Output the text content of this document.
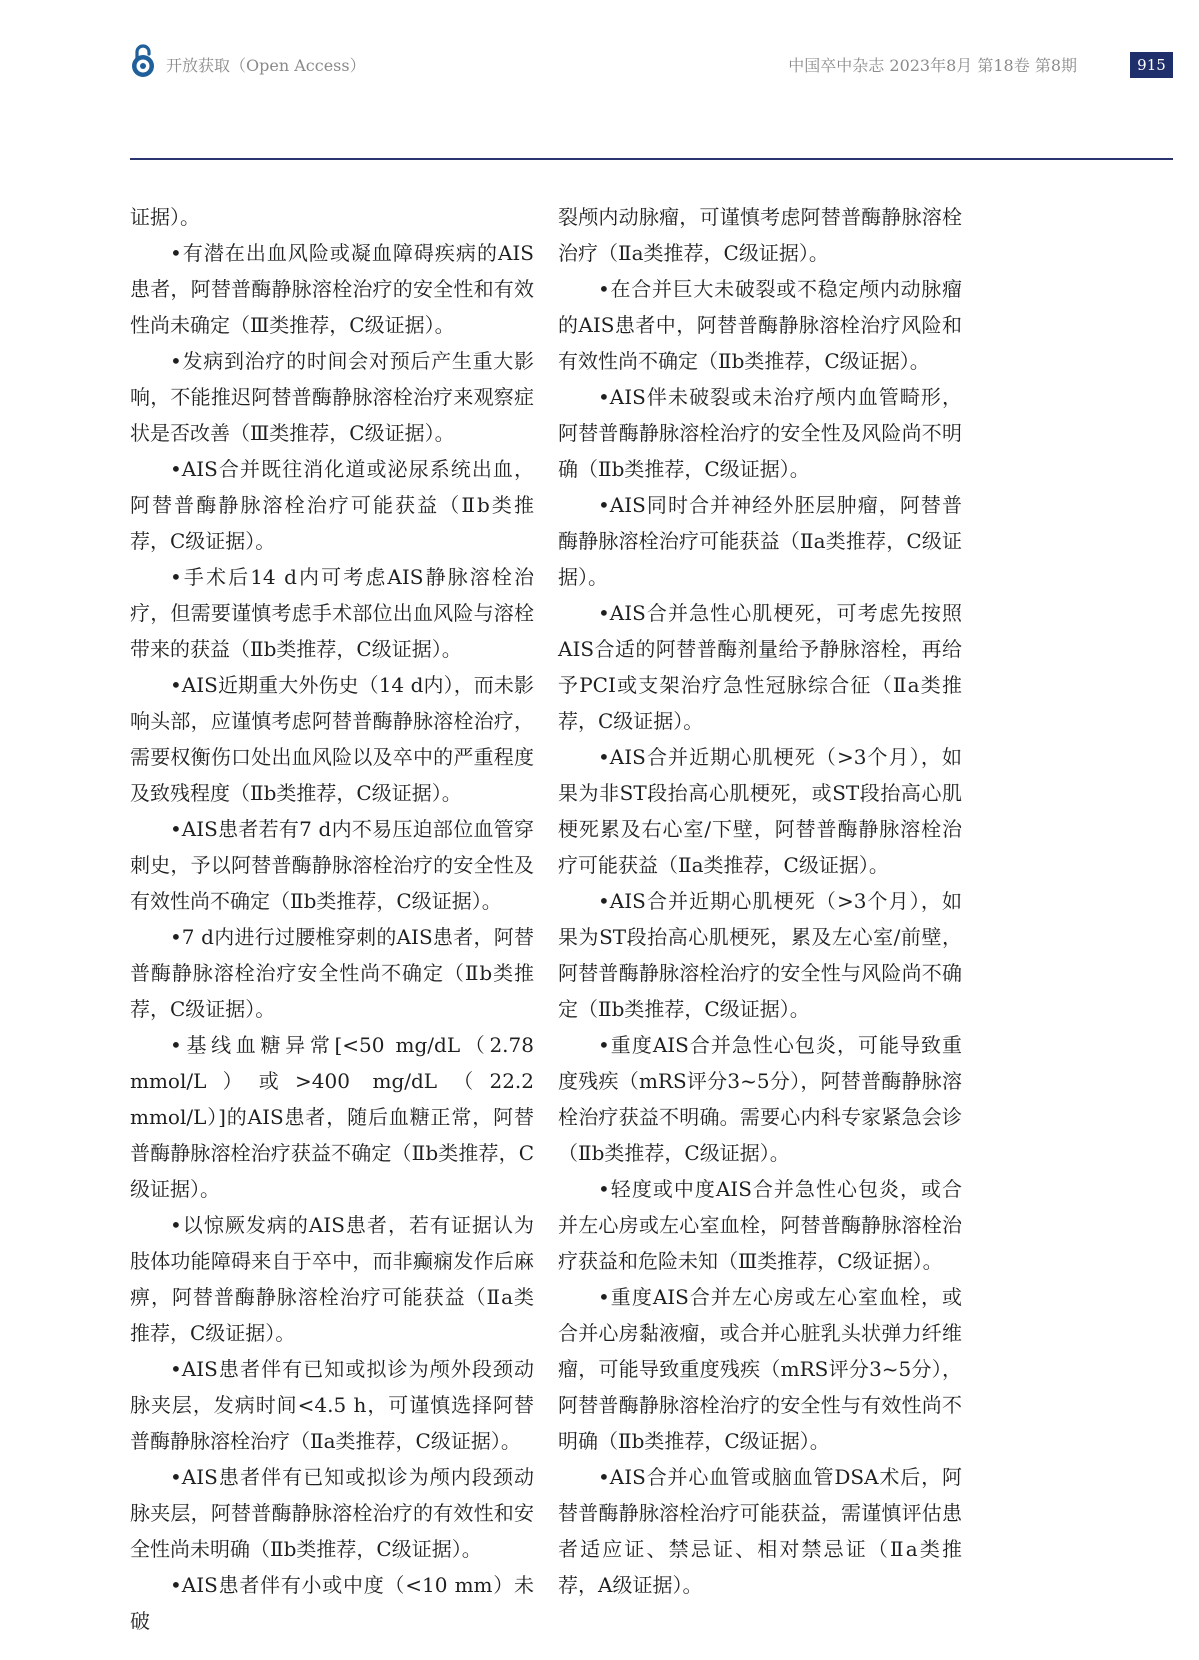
开放获取（Open Access）	中国卒中杂志 2023年8月 第18卷 第8期	915

证据）。

•有潜在出血风险或凝血障碍疾病的AIS患者，阿替普酶静脉溶栓治疗的安全性和有效性尚未确定（Ⅲ类推荐，C级证据）。

•发病到治疗的时间会对预后产生重大影响，不能推迟阿替普酶静脉溶栓治疗来观察症状是否改善（Ⅲ类推荐，C级证据）。

•AIS合并既往消化道或泌尿系统出血，阿替普酶静脉溶栓治疗可能获益（Ⅱb类推荐，C级证据）。

•手术后14 d内可考虑AIS静脉溶栓治疗，但需要谨慎考虑手术部位出血风险与溶栓带来的获益（Ⅱb类推荐，C级证据）。

•AIS近期重大外伤史（14 d内），而未影响头部，应谨慎考虑阿替普酶静脉溶栓治疗，需要权衡伤口处出血风险以及卒中的严重程度及致残程度（Ⅱb类推荐，C级证据）。

•AIS患者若有7 d内不易压迫部位血管穿刺史，予以阿替普酶静脉溶栓治疗的安全性及有效性尚不确定（Ⅱb类推荐，C级证据）。

•7 d内进行过腰椎穿刺的AIS患者，阿替普酶静脉溶栓治疗安全性尚不确定（Ⅱb类推荐，C级证据）。

•基线血糖异常[<50 mg/dL（2.78 mmol/L）或>400 mg/dL（22.2 mmol/L）]的AIS患者，随后血糖正常，阿替普酶静脉溶栓治疗获益不确定（Ⅱb类推荐，C级证据）。

•以惊厥发病的AIS患者，若有证据认为肢体功能障碍来自于卒中，而非癫痫发作后麻痹，阿替普酶静脉溶栓治疗可能获益（Ⅱa类推荐，C级证据）。

•AIS患者伴有已知或拟诊为颅外段颈动脉夹层，发病时间<4.5 h，可谨慎选择阿替普酶静脉溶栓治疗（Ⅱa类推荐，C级证据）。

•AIS患者伴有已知或拟诊为颅内段颈动脉夹层，阿替普酶静脉溶栓治疗的有效性和安全性尚未明确（Ⅱb类推荐，C级证据）。

•AIS患者伴有小或中度（<10 mm）未破

裂颅内动脉瘤，可谨慎考虑阿替普酶静脉溶栓治疗（Ⅱa类推荐，C级证据）。

•在合并巨大未破裂或不稳定颅内动脉瘤的AIS患者中，阿替普酶静脉溶栓治疗风险和有效性尚不确定（Ⅱb类推荐，C级证据）。

•AIS伴未破裂或未治疗颅内血管畸形，阿替普酶静脉溶栓治疗的安全性及风险尚不明确（Ⅱb类推荐，C级证据）。

•AIS同时合并神经外胚层肿瘤，阿替普酶静脉溶栓治疗可能获益（Ⅱa类推荐，C级证据）。

•AIS合并急性心肌梗死，可考虑先按照AIS合适的阿替普酶剂量给予静脉溶栓，再给予PCI或支架治疗急性冠脉综合征（Ⅱa类推荐，C级证据）。

•AIS合并近期心肌梗死（>3个月），如果为非ST段抬高心肌梗死，或ST段抬高心肌梗死累及右心室/下壁，阿替普酶静脉溶栓治疗可能获益（Ⅱa类推荐，C级证据）。

•AIS合并近期心肌梗死（>3个月），如果为ST段抬高心肌梗死，累及左心室/前壁，阿替普酶静脉溶栓治疗的安全性与风险尚不确定（Ⅱb类推荐，C级证据）。

•重度AIS合并急性心包炎，可能导致重度残疾（mRS评分3~5分），阿替普酶静脉溶栓治疗获益不明确。需要心内科专家紧急会诊（Ⅱb类推荐，C级证据）。

•轻度或中度AIS合并急性心包炎，或合并左心房或左心室血栓，阿替普酶静脉溶栓治疗获益和危险未知（Ⅲ类推荐，C级证据）。

•重度AIS合并左心房或左心室血栓，或合并心房黏液瘤，或合并心脏乳头状弹力纤维瘤，可能导致重度残疾（mRS评分3~5分），阿替普酶静脉溶栓治疗的安全性与有效性尚不明确（Ⅱb类推荐，C级证据）。

•AIS合并心血管或脑血管DSA术后，阿替普酶静脉溶栓治疗可能获益，需谨慎评估患者适应证、禁忌证、相对禁忌证（Ⅱa类推荐，A级证据）。
